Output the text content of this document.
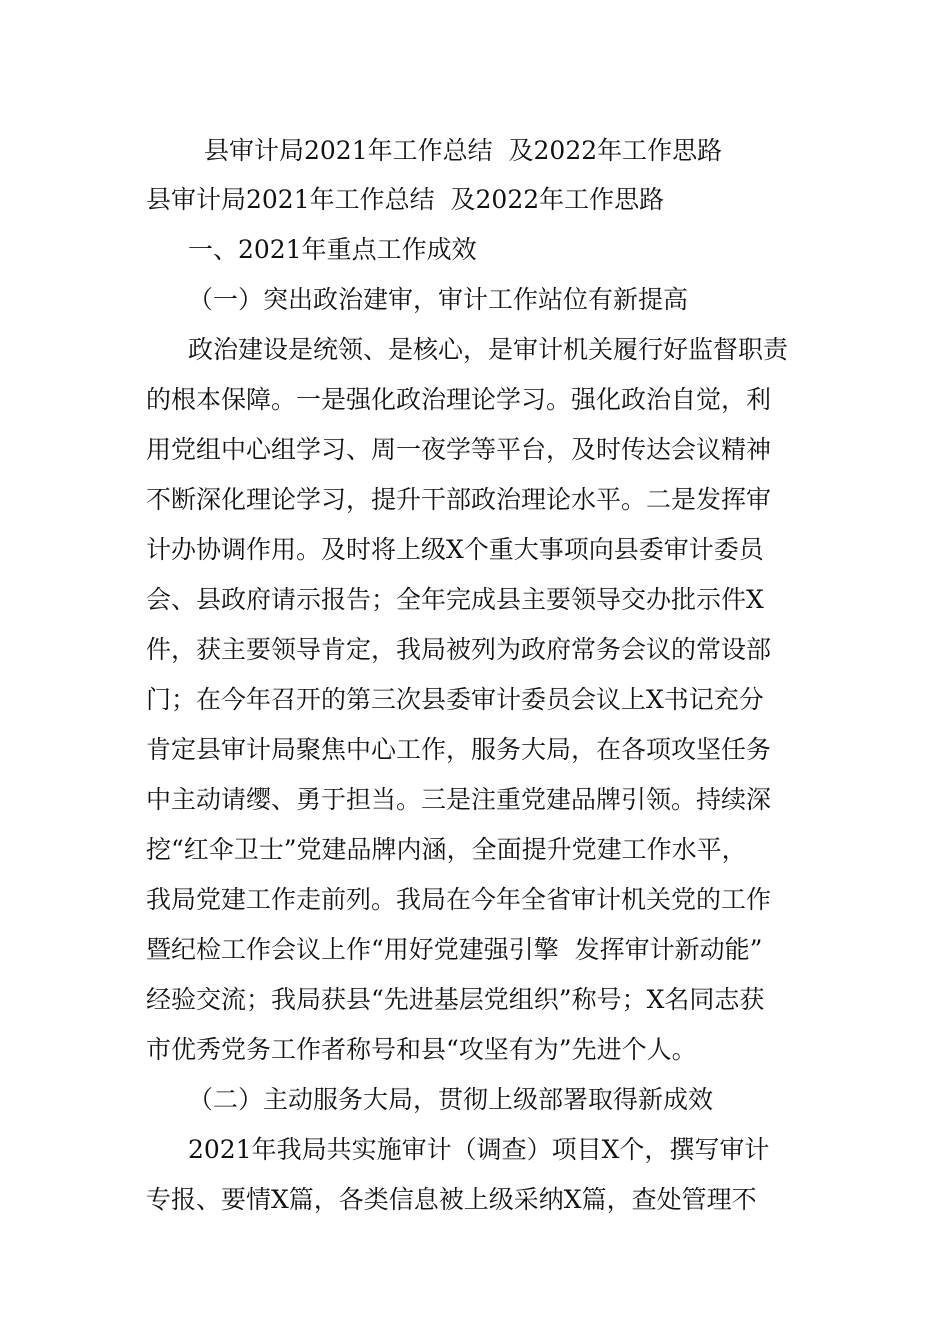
县审计局2021年工作总结  及2022年工作思路
县审计局2021年工作总结  及2022年工作思路
一、2021年重点工作成效
（一）突出政治建审，审计工作站位有新提高
政治建设是统领、是核心，是审计机关履行好监督职责
的根本保障。一是强化政治理论学习。强化政治自觉，利
用党组中心组学习、周一夜学等平台，及时传达会议精神
不断深化理论学习，提升干部政治理论水平。二是发挥审
计办协调作用。及时将上级X个重大事项向县委审计委员
会、县政府请示报告；全年完成县主要领导交办批示件X
件，获主要领导肯定，我局被列为政府常务会议的常设部
门；在今年召开的第三次县委审计委员会议上X书记充分
肯定县审计局聚焦中心工作，服务大局，在各项攻坚任务
中主动请缨、勇于担当。三是注重党建品牌引领。持续深
挖“红伞卫士”党建品牌内涵，全面提升党建工作水平，
我局党建工作走前列。我局在今年全省审计机关党的工作
暨纪检工作会议上作“用好党建强引擎  发挥审计新动能”
经验交流；我局获县“先进基层党组织”称号；X名同志获
市优秀党务工作者称号和县“攻坚有为”先进个人。
（二）主动服务大局，贯彻上级部署取得新成效
2021年我局共实施审计（调查）项目X个，撰写审计
专报、要情X篇，各类信息被上级采纳X篇，查处管理不
